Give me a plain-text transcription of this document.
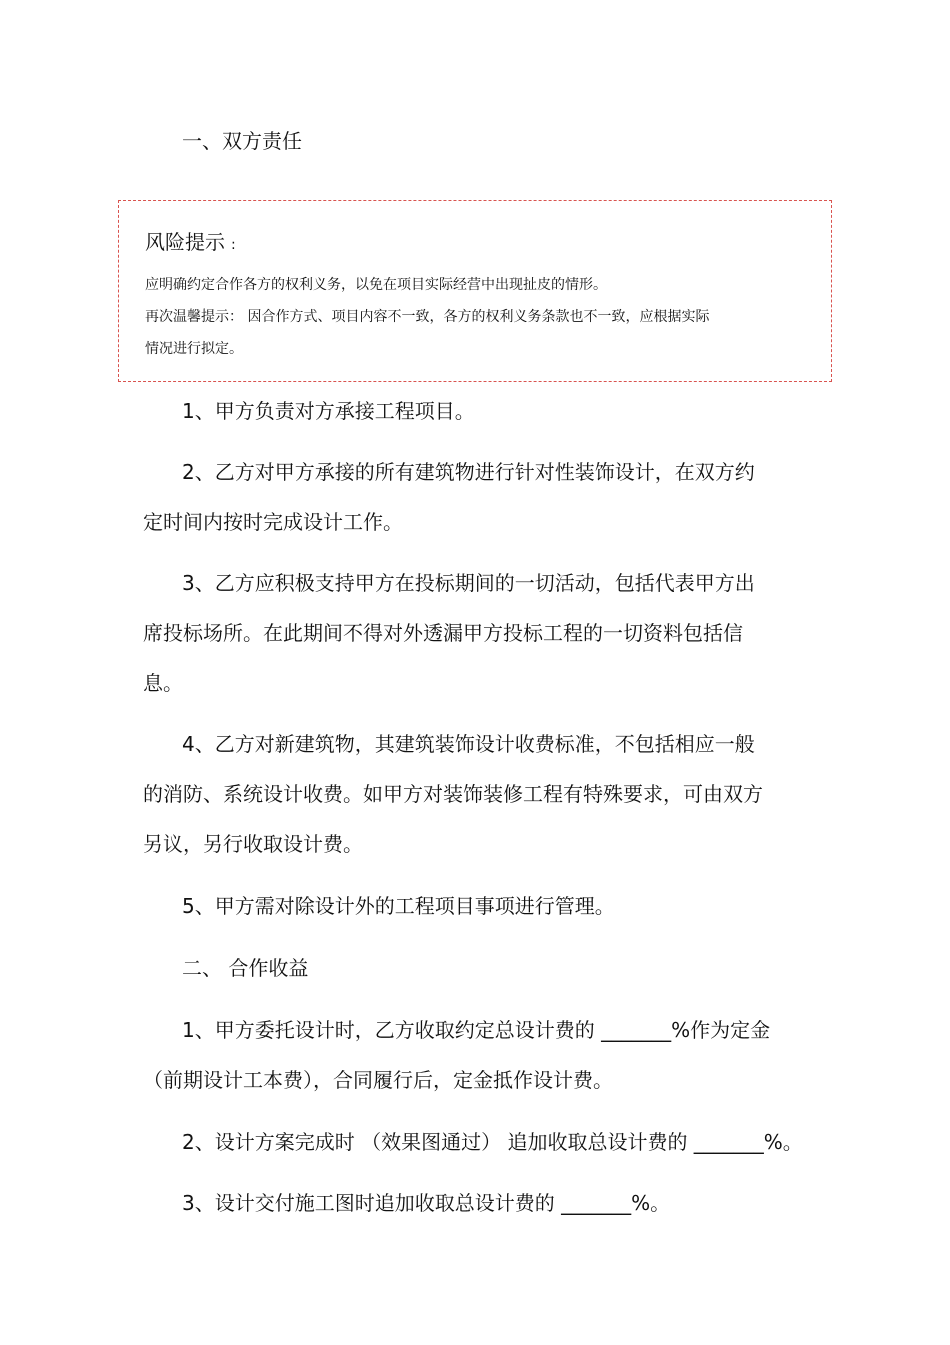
一、双方责任
风险提示 :
应明确约定合作各方的权利义务，以免在项目实际经营中出现扯皮的情形。
再次温馨提示： 因合作方式、项目内容不一致，各方的权利义务条款也不一致，应根据实际
情况进行拟定。
1、甲方负责对方承接工程项目。
2、乙方对甲方承接的所有建筑物进行针对性装饰设计，在双方约
定时间内按时完成设计工作。
3、乙方应积极支持甲方在投标期间的一切活动，包括代表甲方出
席投标场所。在此期间不得对外透漏甲方投标工程的一切资料包括信
息。
4、乙方对新建筑物，其建筑装饰设计收费标准，不包括相应一般
的消防、系统设计收费。如甲方对装饰装修工程有特殊要求，可由双方
另议，另行收取设计费。
5、甲方需对除设计外的工程项目事项进行管理。
二、 合作收益
1、甲方委托设计时，乙方收取约定总设计费的 _______%作为定金
（前期设计工本费），合同履行后，定金抵作设计费。
2、设计方案完成时 （效果图通过） 追加收取总设计费的 _______%。
3、设计交付施工图时追加收取总设计费的 _______%。
